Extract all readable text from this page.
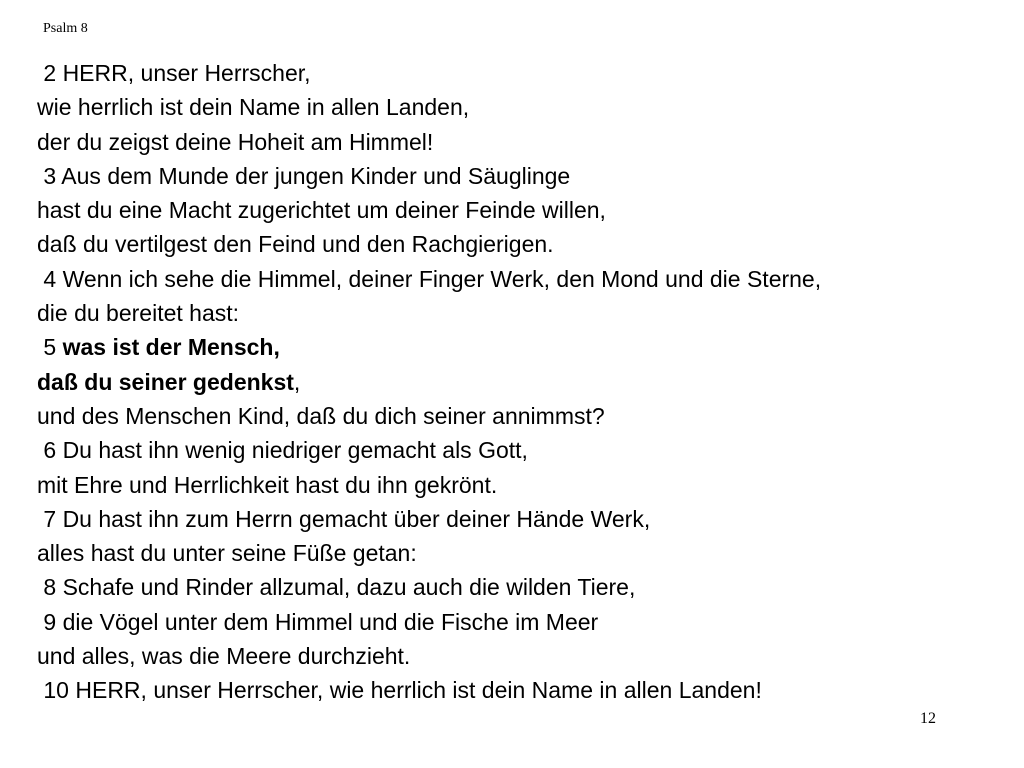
Psalm 8
2 HERR, unser Herrscher,
wie herrlich ist dein Name in allen Landen,
der du zeigst deine Hoheit am Himmel!
3 Aus dem Munde der jungen Kinder und Säuglinge
hast du eine Macht zugerichtet um deiner Feinde willen,
daß du vertilgest den Feind und den Rachgierigen.
4 Wenn ich sehe die Himmel, deiner Finger Werk, den Mond und die Sterne,
die du bereitet hast:
5 was ist der Mensch,
daß du seiner gedenkst,
und des Menschen Kind, daß du dich seiner annimmst?
6 Du hast ihn wenig niedriger gemacht als Gott,
mit Ehre und Herrlichkeit hast du ihn gekrönt.
7 Du hast ihn zum Herrn gemacht über deiner Hände Werk,
alles hast du unter seine Füße getan:
8 Schafe und Rinder allzumal, dazu auch die wilden Tiere,
9 die Vögel unter dem Himmel und die Fische im Meer
und alles, was die Meere durchzieht.
10 HERR, unser Herrscher, wie herrlich ist dein Name in allen Landen!
12
